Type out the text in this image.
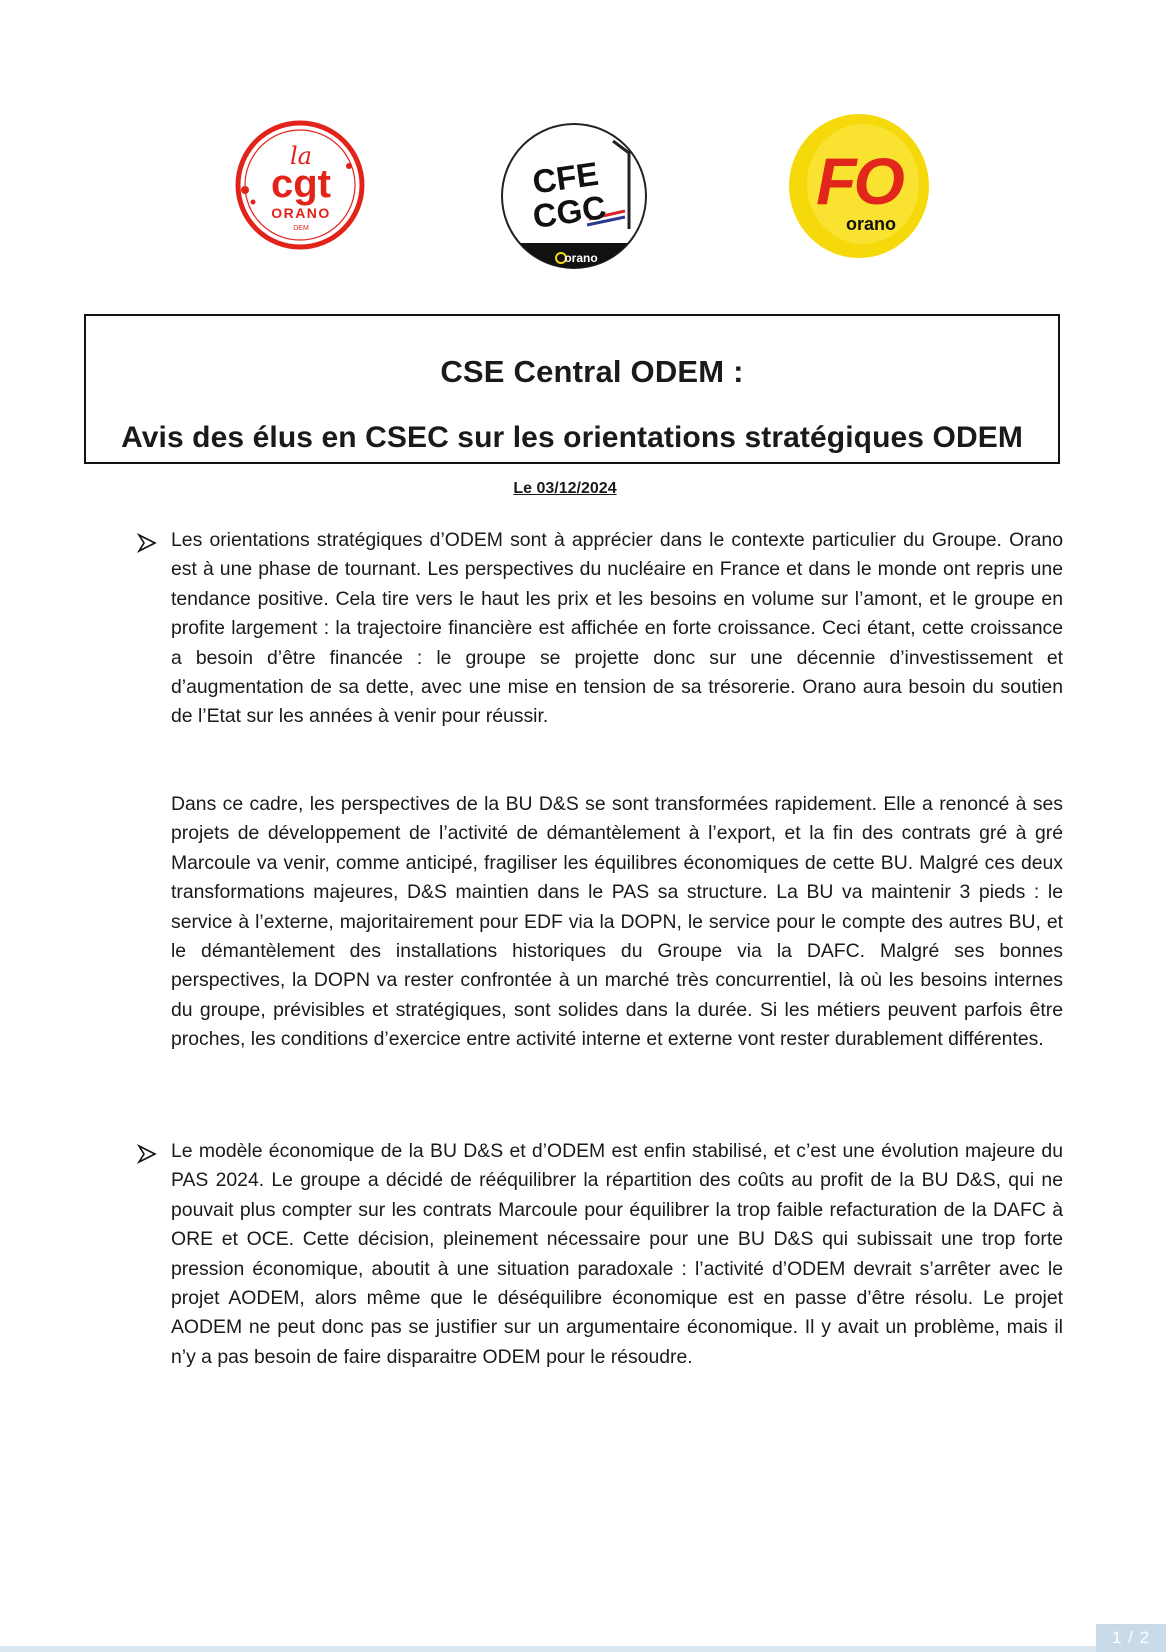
la
cgt
ORANO
DEM
CFE
CGC
orano
FO
orano
CSE Central ODEM :
Avis des élus en CSEC sur les orientations stratégiques ODEM
Le 03/12/2024

Les orientations stratégiques d’ODEM sont à apprécier dans le contexte particulier du Groupe. Orano est à une phase de tournant. Les perspectives du nucléaire en France et dans le monde ont repris une tendance positive. Cela tire vers le haut les prix et les besoins en volume sur l’amont, et le groupe en profite largement : la trajectoire financière est affichée en forte croissance. Ceci étant, cette croissance a besoin d’être financée : le groupe se projette donc sur une décennie d’investissement et d’augmentation de sa dette, avec une mise en tension de sa trésorerie. Orano aura besoin du soutien de l’Etat sur les années à venir pour réussir.

Dans ce cadre, les perspectives de la BU D&S se sont transformées rapidement. Elle a renoncé à ses projets de développement de l’activité de démantèlement à l’export, et la fin des contrats gré à gré Marcoule va venir, comme anticipé, fragiliser les équilibres économiques de cette BU. Malgré ces deux transformations majeures, D&S maintien dans le PAS sa structure. La BU va maintenir 3 pieds : le service à l’externe, majoritairement pour EDF via la DOPN, le service pour le compte des autres BU, et le démantèlement des installations historiques du Groupe via la DAFC. Malgré ses bonnes perspectives, la DOPN va rester confrontée à un marché très concurrentiel, là où les besoins internes du groupe, prévisibles et stratégiques, sont solides dans la durée. Si les métiers peuvent parfois être proches, les conditions d’exercice entre activité interne et externe vont rester durablement différentes.

Le modèle économique de la BU D&S et d’ODEM est enfin stabilisé, et c’est une évolution majeure du PAS 2024. Le groupe a décidé de rééquilibrer la répartition des coûts au profit de la BU D&S, qui ne pouvait plus compter sur les contrats Marcoule pour équilibrer la trop faible refacturation de la DAFC à ORE et OCE. Cette décision, pleinement nécessaire pour une BU D&S qui subissait une trop forte pression économique, aboutit à une situation paradoxale : l’activité d’ODEM devrait s’arrêter avec le projet AODEM, alors même que le déséquilibre économique est en passe d’être résolu. Le projet AODEM ne peut donc pas se justifier sur un argumentaire économique. Il y avait un problème, mais il n’y a pas besoin de faire disparaitre ODEM pour le résoudre.

1 / 2
